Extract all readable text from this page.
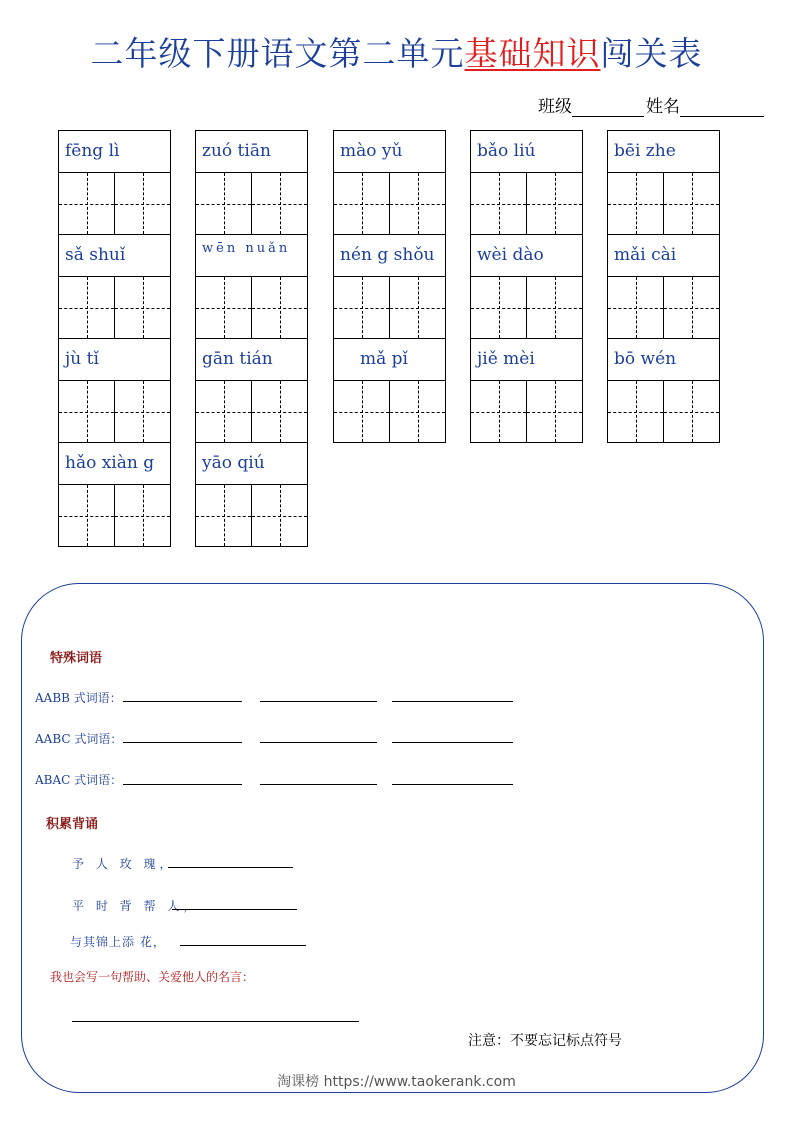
二年级下册语文第二单元基础知识闯关表
班级	姓名
fēng lì
sǎ shuǐ
jù tǐ
hǎo xiàn g
zuó tiān
wēn nuǎn
gān tián
yāo qiú
mào yǔ
nén g shǒu
mǎ pǐ
bǎo liú
wèi dào
jiě mèi
bēi zhe
mǎi cài
bō wén
特殊词语
AABB 式词语：
AABC 式词语：
ABAC 式词语：
积累背诵
予 人 玫 瑰，
平 时 背 帮 人，
与其锦上添 花，
我也会写一句帮助、关爱他人的名言：
注意：不要忘记标点符号
淘课榜 https://www.taokerank.com
